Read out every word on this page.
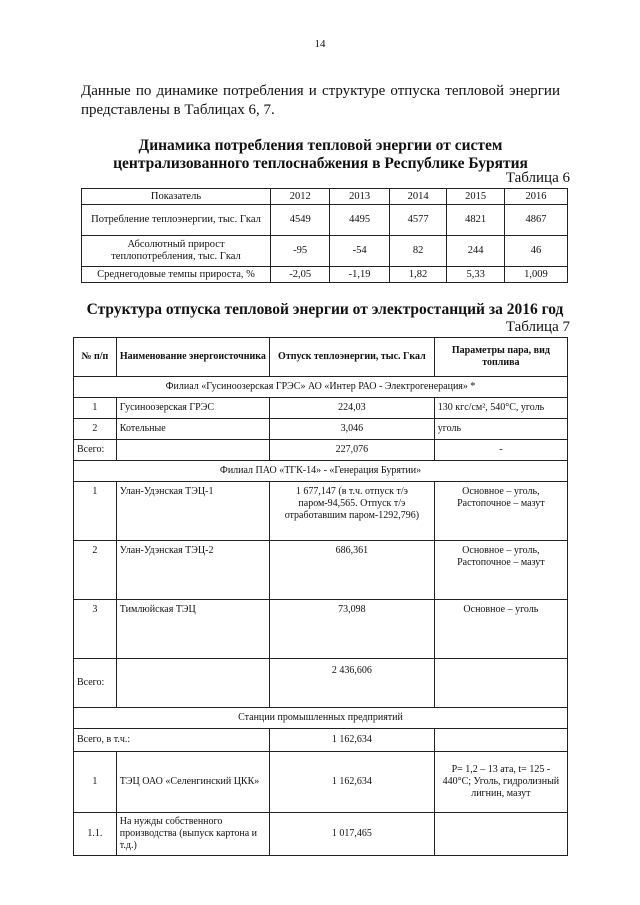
14
Данные по динамике потребления и структуре отпуска тепловой энергии представлены в Таблицах 6, 7.
Динамика потребления тепловой энергии от систем
централизованного теплоснабжения в Республике Бурятия
Таблица 6
Показатель	2012	2013	2014	2015	2016
Потребление теплоэнергии, тыс. Гкал	4549	4495	4577	4821	4867
Абсолютный прирост теплопотребления, тыс. Гкал	-95	-54	82	244	46
Среднегодовые темпы прироста, %	-2,05	-1,19	1,82	5,33	1,009
Структура отпуска тепловой энергии от электростанций за 2016 год
Таблица 7
№ п/п	Наименование энергоисточника	Отпуск теплоэнергии, тыс. Гкал	Параметры пара, вид топлива
Филиал «Гусиноозерская ГРЭС» АО «Интер РАО - Электрогенерация» *			
1	Гусиноозерская ГРЭС	224,03	130 кгс/см², 540°С, уголь
2	Котельные	3,046	уголь
Всего:		227,076	-
Филиал ПАО «ТГК-14» - «Генерация Бурятии»			
1	Улан-Удэнская ТЭЦ-1	1 677,147 (в т.ч. отпуск т/э паром-94,565. Отпуск т/э отработавшим паром-1292,796)	Основное – уголь, Растопочное – мазут
2	Улан-Удэнская ТЭЦ-2	686,361	Основное – уголь, Растопочное – мазут
3	Тимлюйская ТЭЦ	73,098	Основное – уголь
Всего:		2 436,606	
Станции промышленных предприятий			
Всего, в т.ч.:		1 162,634	
1	ТЭЦ ОАО «Селенгинский ЦКК»	1 162,634	Р= 1,2 – 13 ата, t= 125 - 440°С; Уголь, гидролизный лигнин, мазут
1.1.	На нужды собственного производства (выпуск картона и т.д.)	1 017,465	
